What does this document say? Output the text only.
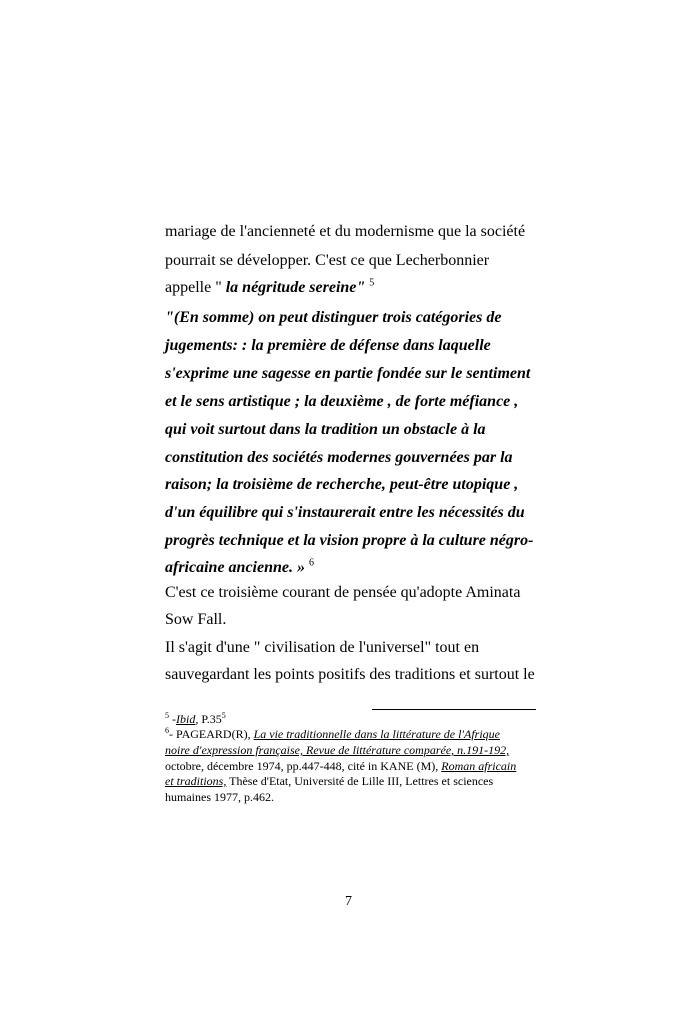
mariage de l'ancienneté et du modernisme que la société
pourrait se développer. C'est ce que Lecherbonnier
appelle " la négritude sereine" $^5$
"(En somme) on peut distinguer trois catégories de
jugements: : la première de défense dans laquelle
s'exprime une sagesse en partie fondée sur le sentiment
et le sens artistique ; la deuxième , de forte méfiance ,
qui voit surtout dans la tradition un obstacle à la
constitution des sociétés modernes gouvernées par la
raison; la troisième de recherche, peut-être utopique ,
d'un équilibre qui s'instaurerait entre les nécessités du
progrès technique et la vision propre à la culture négro-
africaine ancienne. » $^6$
C'est ce troisième courant de pensée qu'adopte Aminata
Sow Fall.
Il s'agit d'une " civilisation de l'universel" tout en
sauvegardant les points positifs des traditions et surtout le
$^5$ -Ibid, $P.35^5$
$^6$- PAGEARD(R), La vie traditionnelle dans la littérature de l'Afrique
noire d'expression française, Revue de littérature comparée, n.191-192,
octobre, décembre 1974, pp.447-448, cité in KANE (M), Roman africain
et traditions, Thèse d'Etat, Université de Lille III, Lettres et sciences
humaines 1977, p.462.
7
